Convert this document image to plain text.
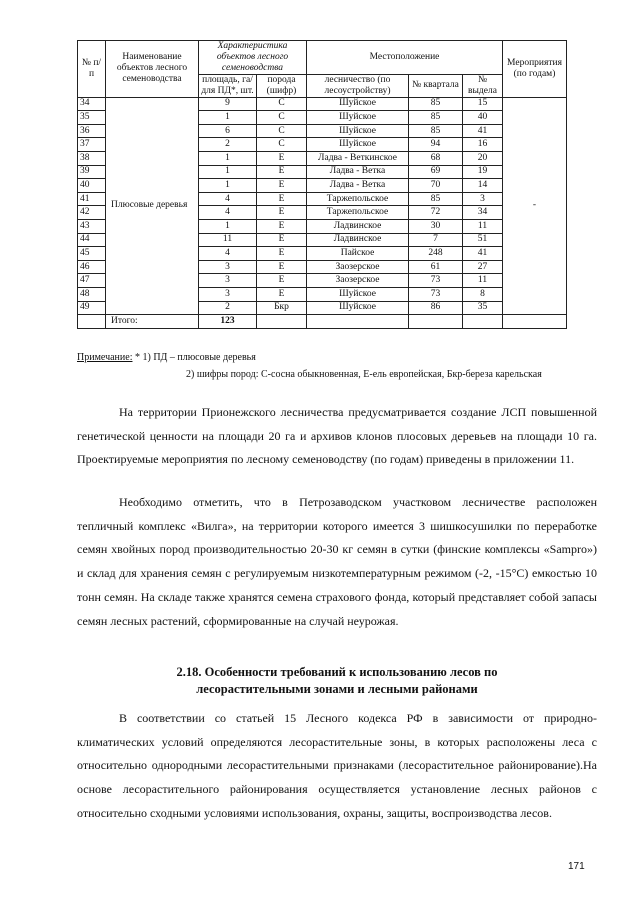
№ п/п	Наименование объектов лесного семеноводства	Характеристика объектов лесного семеноводства		Местоположение			Мероприятия (по годам)
		площадь, га/ для ПД*, шт.	порода (шифр)	лесничество (по лесоустройству)	№ квартала	№ выдела	
34	Плюсовые деревья	9	С	Шуйское	85	15	-
35		1	С	Шуйское	85	40	
36		6	С	Шуйское	85	41	
37		2	С	Шуйское	94	16	
38		1	Е	Ладва - Веткинское	68	20	
39		1	Е	Ладва - Ветка	69	19	
40		1	Е	Ладва - Ветка	70	14	
41		4	Е	Таржепольское	85	3	
42		4	Е	Таржепольское	72	34	
43		1	Е	Ладвинское	30	11	
44		11	Е	Ладвинское	7	51	
45		4	Е	Пайское	248	41	
46		3	Е	Заозерское	61	27	
47		3	Е	Заозерское	73	11	
48		3	Е	Шуйское	73	8	
49		2	Бкр	Шуйское	86	35	
	Итого:	123					
Примечание: * 1) ПД – плюсовые деревья
2) шифры пород: С-сосна обыкновенная, Е-ель европейская, Бкр-береза карельская

На территории Прионежского лесничества предусматривается создание ЛСП повышенной генетической ценности на площади 20 га и архивов клонов плосовых деревьев на площади 10 га. Проектируемые мероприятия по лесному семеноводству (по годам) приведены в приложении 11.

Необходимо отметить, что в Петрозаводском участковом лесничестве расположен тепличный комплекс «Вилга», на территории которого имеется 3 шишкосушилки по переработке семян хвойных пород производительностью 20-30 кг семян в сутки (финские комплексы «Sampro») и склад для хранения семян с регулируемым низкотемпературным режимом (-2, -15°С) емкостью 10 тонн семян. На складе также хранятся семена страхового фонда, который представляет собой запасы семян лесных растений, сформированные на случай неурожая.

2.18. Особенности требований к использованию лесов по
лесорастительными зонами и лесными районами

В соответствии со статьей 15 Лесного кодекса РФ в зависимости от природно-климатических условий определяются лесорастительные зоны, в которых расположены леса с относительно однородными лесорастительными признаками (лесорастительное районирование).На основе лесорастительного районирования осуществляется установление лесных районов с относительно сходными условиями использования, охраны, защиты, воспроизводства лесов.

171
